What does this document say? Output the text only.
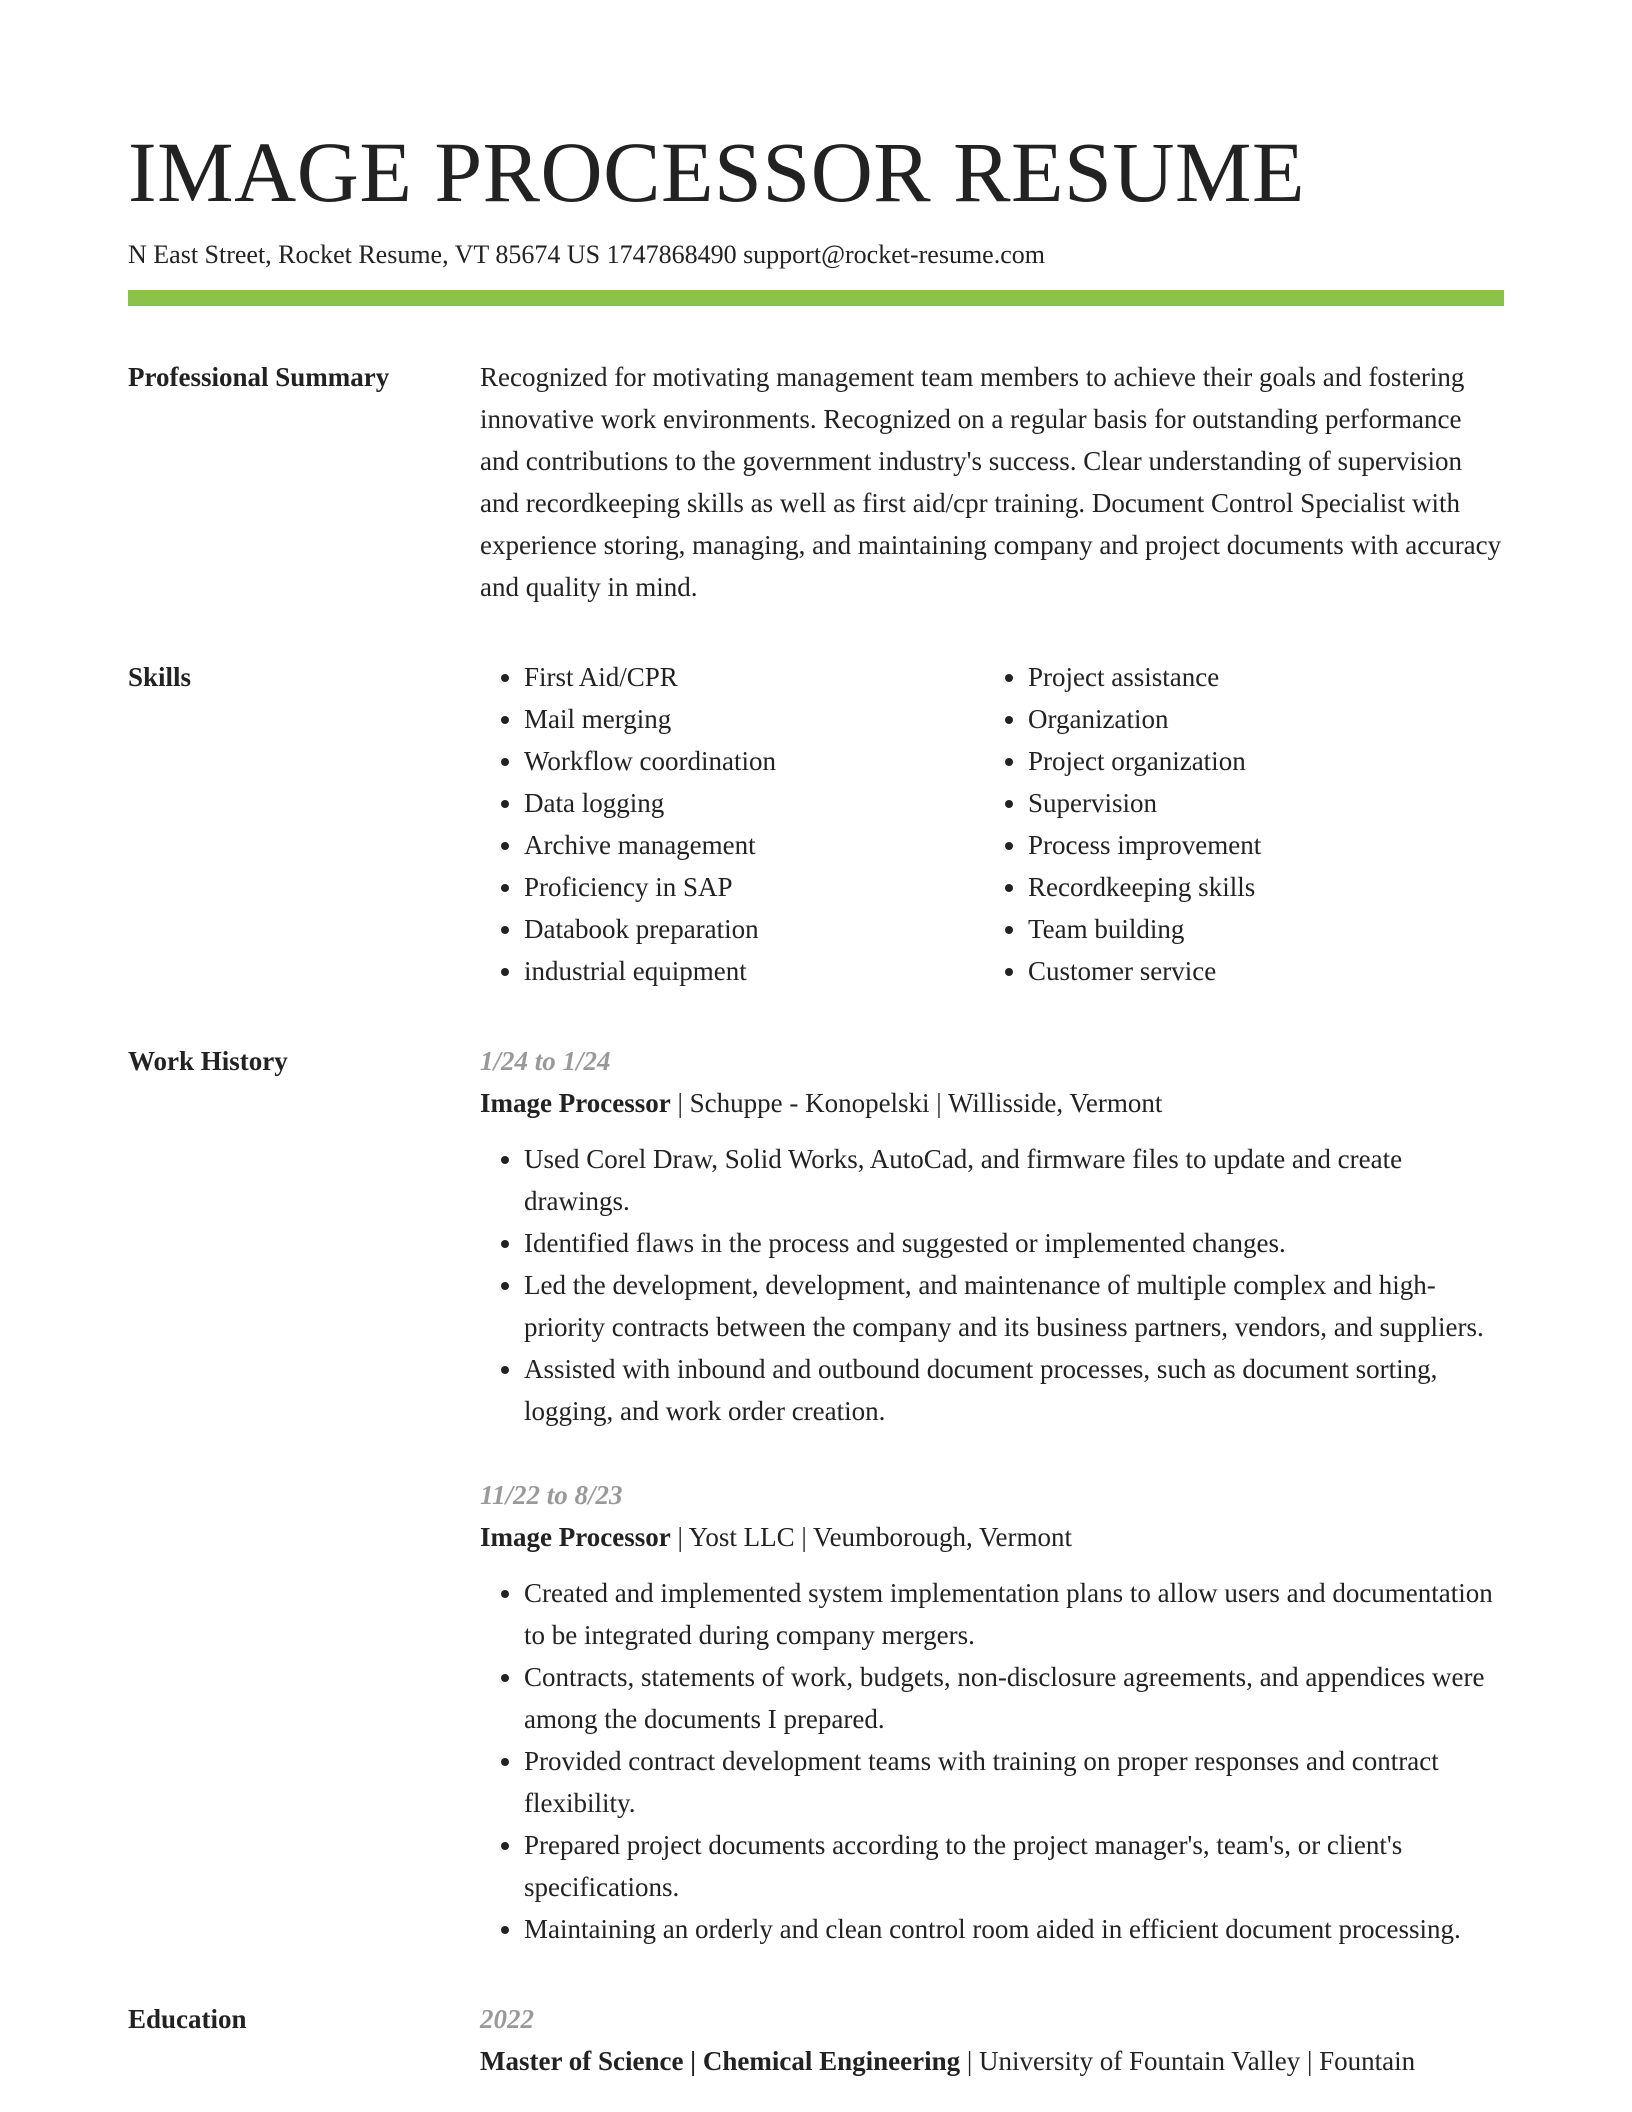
IMAGE PROCESSOR RESUME
N East Street, Rocket Resume, VT 85674 US 1747868490 support@rocket-resume.com
Professional Summary	Recognized for motivating management team members to achieve their goals and fostering innovative work environments. Recognized on a regular basis for outstanding performance and contributions to the government industry's success. Clear understanding of supervision and recordkeeping skills as well as first aid/cpr training. Document Control Specialist with experience storing, managing, and maintaining company and project documents with accuracy and quality in mind.

Skills
•	First Aid/CPR
• Mail merging
• Workflow coordination
• Data logging
• Archive management
• Proficiency in SAP
• Databook preparation
• industrial equipment
• Project assistance
• Organization
• Project organization
• Supervision
• Process improvement
• Recordkeeping skills
• Team building
• Customer service
Work History	1/24 to 1/24
Image Processor | Schuppe - Konopelski | Willisside, Vermont
• Used Corel Draw, Solid Works, AutoCad, and firmware files to update and create drawings.
• Identified flaws in the process and suggested or implemented changes.
• Led the development, development, and maintenance of multiple complex and high-priority contracts between the company and its business partners, vendors, and suppliers.
• Assisted with inbound and outbound document processes, such as document sorting, logging, and work order creation.
11/22 to 8/23
Image Processor | Yost LLC | Veumborough, Vermont
• Created and implemented system implementation plans to allow users and documentation to be integrated during company mergers.
• Contracts, statements of work, budgets, non-disclosure agreements, and appendices were among the documents I prepared.
• Provided contract development teams with training on proper responses and contract flexibility.
• Prepared project documents according to the project manager's, team's, or client's specifications.
• Maintaining an orderly and clean control room aided in efficient document processing.
Education	2022
Master of Science | Chemical Engineering | University of Fountain Valley | Fountain
